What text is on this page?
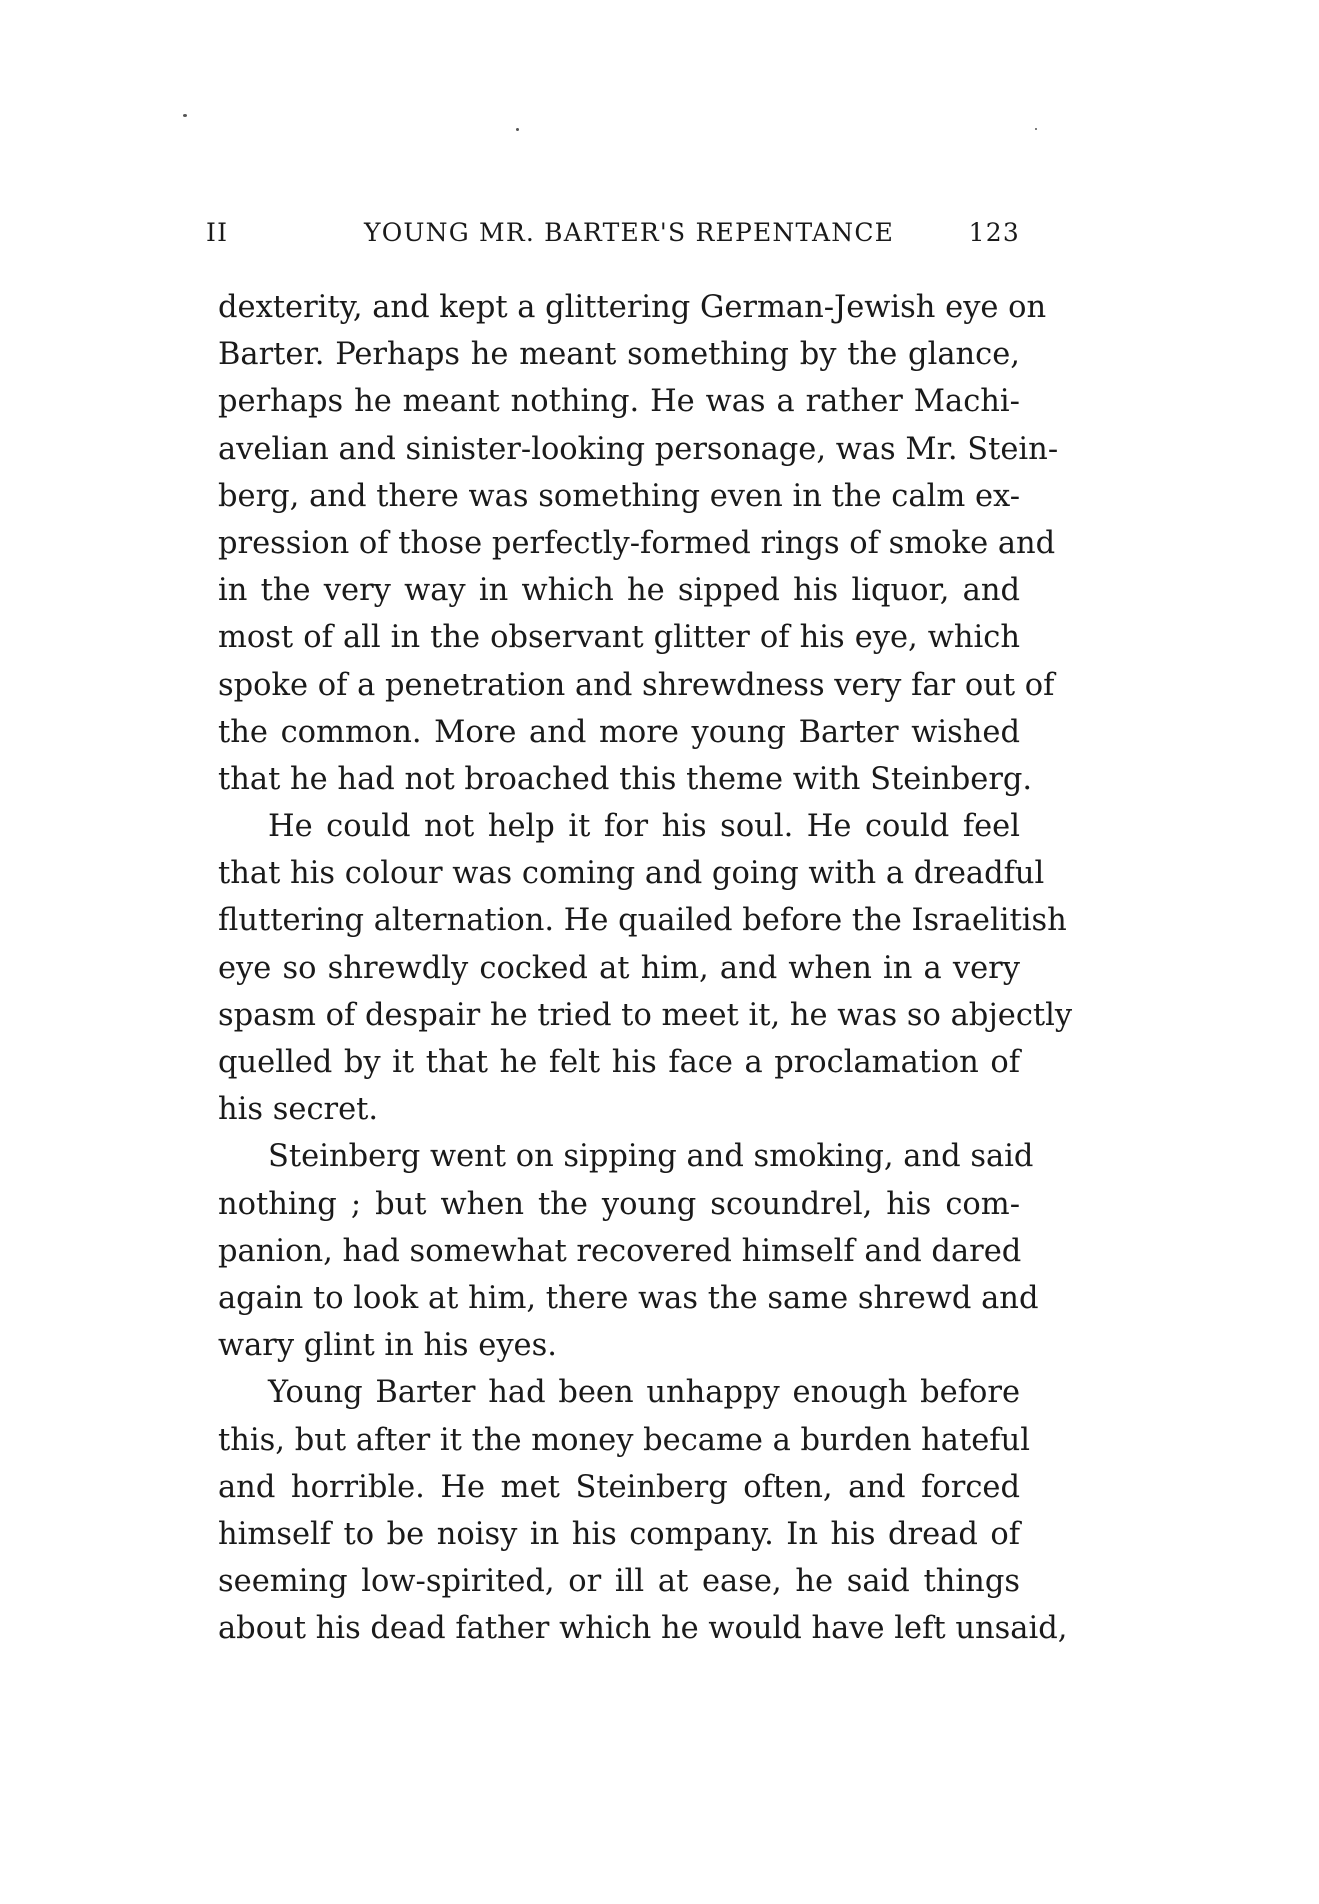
II	YOUNG MR. BARTER'S REPENTANCE	123
dexterity, and kept a glittering German-Jewish eye on
Barter. Perhaps he meant something by the glance,
perhaps he meant nothing. He was a rather Machi-
avelian and sinister-looking personage, was Mr. Stein-
berg, and there was something even in the calm ex-
pression of those perfectly-formed rings of smoke and
in the very way in which he sipped his liquor, and
most of all in the observant glitter of his eye, which
spoke of a penetration and shrewdness very far out of
the common. More and more young Barter wished
that he had not broached this theme with Steinberg.
He could not help it for his soul. He could feel
that his colour was coming and going with a dreadful
fluttering alternation. He quailed before the Israelitish
eye so shrewdly cocked at him, and when in a very
spasm of despair he tried to meet it, he was so abjectly
quelled by it that he felt his face a proclamation of
his secret.
Steinberg went on sipping and smoking, and said
nothing ; but when the young scoundrel, his com-
panion, had somewhat recovered himself and dared
again to look at him, there was the same shrewd and
wary glint in his eyes.
Young Barter had been unhappy enough before
this, but after it the money became a burden hateful
and horrible. He met Steinberg often, and forced
himself to be noisy in his company. In his dread of
seeming low-spirited, or ill at ease, he said things
about his dead father which he would have left unsaid,
